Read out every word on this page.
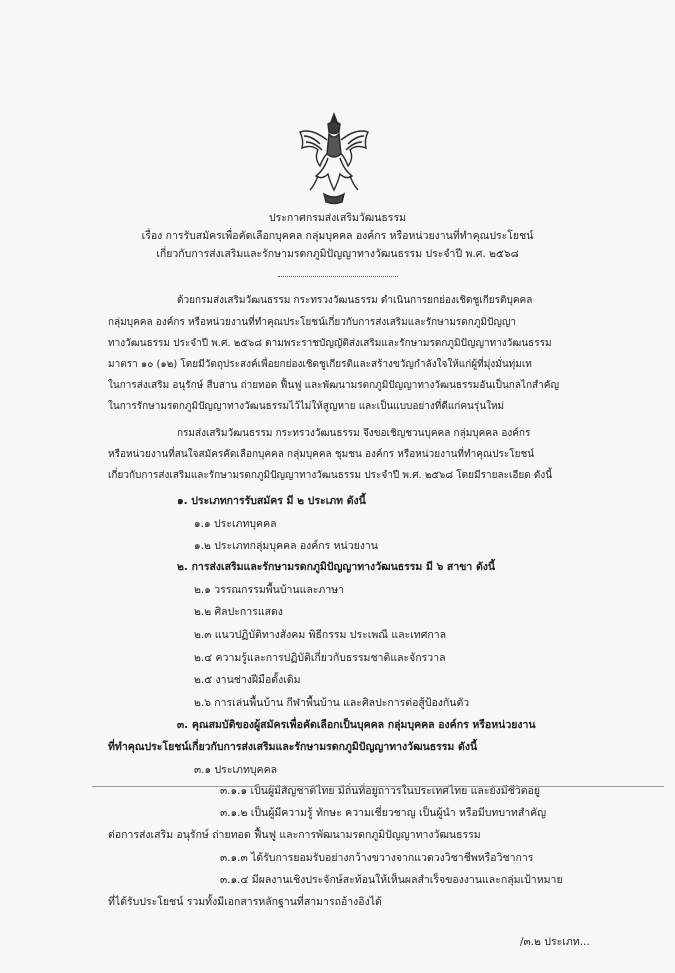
ประกาศกรมส่งเสริมวัฒนธรรม
เรื่อง การรับสมัครเพื่อคัดเลือกบุคคล กลุ่มบุคคล องค์กร หรือหน่วยงานที่ทำคุณประโยชน์
เกี่ยวกับการส่งเสริมและรักษามรดกภูมิปัญญาทางวัฒนธรรม ประจำปี พ.ศ. ๒๕๖๘
ด้วยกรมส่งเสริมวัฒนธรรม กระทรวงวัฒนธรรม ดำเนินการยกย่องเชิดชูเกียรติบุคคล
กลุ่มบุคคล องค์กร หรือหน่วยงานที่ทำคุณประโยชน์เกี่ยวกับการส่งเสริมและรักษามรดกภูมิปัญญา
ทางวัฒนธรรม ประจำปี พ.ศ. ๒๕๖๘ ตามพระราชบัญญัติส่งเสริมและรักษามรดกภูมิปัญญาทางวัฒนธรรม
มาตรา ๑๐ (๑๒) โดยมีวัตถุประสงค์เพื่อยกย่องเชิดชูเกียรติและสร้างขวัญกำลังใจให้แก่ผู้ที่มุ่งมั่นทุ่มเท
ในการส่งเสริม อนุรักษ์ สืบสาน ถ่ายทอด ฟื้นฟู และพัฒนามรดกภูมิปัญญาทางวัฒนธรรมอันเป็นกลไกสำคัญ
ในการรักษามรดกภูมิปัญญาทางวัฒนธรรมไว้ไม่ให้สูญหาย และเป็นแบบอย่างที่ดีแก่คนรุ่นใหม่
กรมส่งเสริมวัฒนธรรม กระทรวงวัฒนธรรม จึงขอเชิญชวนบุคคล กลุ่มบุคคล องค์กร
หรือหน่วยงานที่สนใจสมัครคัดเลือกบุคคล กลุ่มบุคคล ชุมชน องค์กร หรือหน่วยงานที่ทำคุณประโยชน์
เกี่ยวกับการส่งเสริมและรักษามรดกภูมิปัญญาทางวัฒนธรรม ประจำปี พ.ศ. ๒๕๖๘ โดยมีรายละเอียด ดังนี้
๑. ประเภทการรับสมัคร มี ๒ ประเภท ดังนี้
๑.๑ ประเภทบุคคล
๑.๒ ประเภทกลุ่มบุคคล องค์กร หน่วยงาน
๒. การส่งเสริมและรักษามรดกภูมิปัญญาทางวัฒนธรรม มี ๖ สาขา ดังนี้
๒.๑ วรรณกรรมพื้นบ้านและภาษา
๒.๒ ศิลปะการแสดง
๒.๓ แนวปฏิบัติทางสังคม พิธีกรรม ประเพณี และเทศกาล
๒.๔ ความรู้และการปฏิบัติเกี่ยวกับธรรมชาติและจักรวาล
๒.๕ งานช่างฝีมือดั้งเดิม
๒.๖ การเล่นพื้นบ้าน กีฬาพื้นบ้าน และศิลปะการต่อสู้ป้องกันตัว
๓. คุณสมบัติของผู้สมัครเพื่อคัดเลือกเป็นบุคคล กลุ่มบุคคล องค์กร หรือหน่วยงาน
ที่ทำคุณประโยชน์เกี่ยวกับการส่งเสริมและรักษามรดกภูมิปัญญาทางวัฒนธรรม ดังนี้
๓.๑ ประเภทบุคคล
๓.๑.๑ เป็นผู้มีสัญชาติไทย มีถิ่นที่อยู่ถาวรในประเทศไทย และยังมีชีวิตอยู่
๓.๑.๒ เป็นผู้มีความรู้ ทักษะ ความเชี่ยวชาญ เป็นผู้นำ หรือมีบทบาทสำคัญ
ต่อการส่งเสริม อนุรักษ์ ถ่ายทอด ฟื้นฟู และการพัฒนามรดกภูมิปัญญาทางวัฒนธรรม
๓.๑.๓ ได้รับการยอมรับอย่างกว้างขวางจากแวดวงวิชาชีพหรือวิชาการ
๓.๑.๔ มีผลงานเชิงประจักษ์สะท้อนให้เห็นผลสำเร็จของงานและกลุ่มเป้าหมาย
ที่ได้รับประโยชน์ รวมทั้งมีเอกสารหลักฐานที่สามารถอ้างอิงได้
/๓.๒ ประเภท...
